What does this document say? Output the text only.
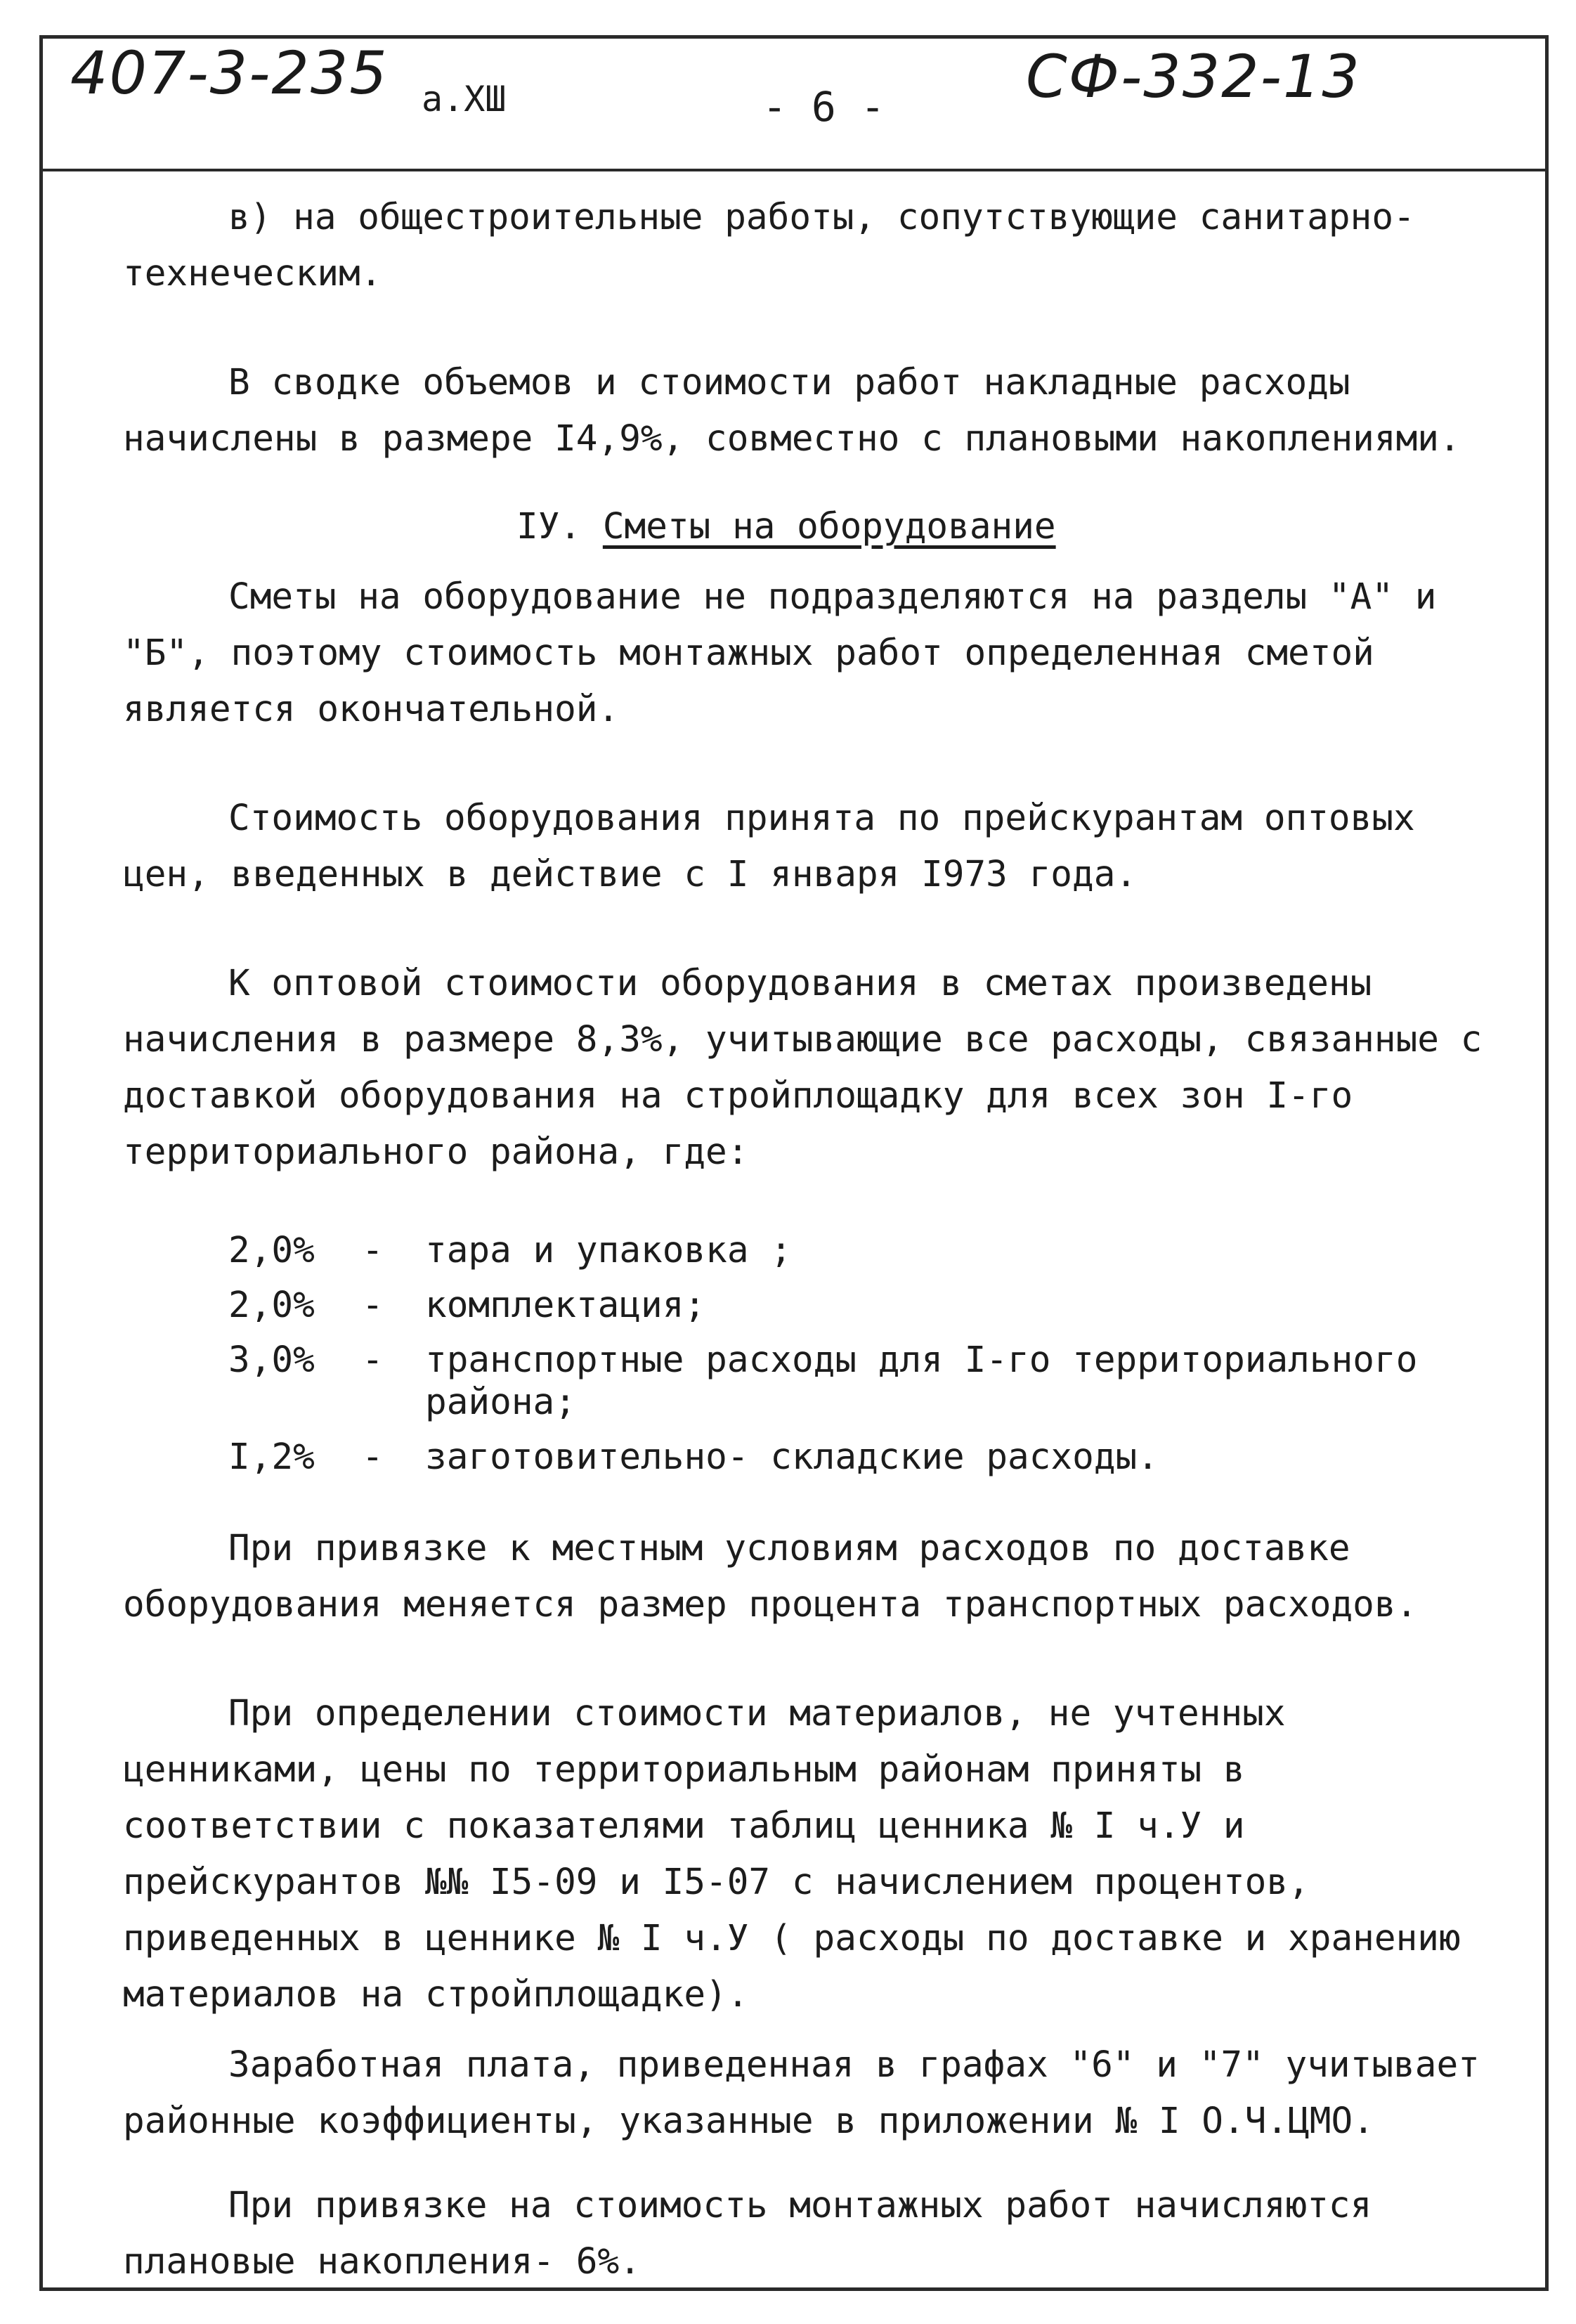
407-3-235 а.ХШ	- 6 - СФ-332-13

в) на общестроительные работы, сопутствующие санитарно-технеческим.

В сводке объемов и стоимости работ накладные расходы начислены в размере I4,9%, совместно с плановыми накоплениями.

IУ. Сметы на оборудование

Сметы на оборудование не подразделяются на разделы "А" и "Б", поэтому стоимость монтажных работ определенная сметой является окончательной.

Стоимость оборудования принята по прейскурантам оптовых цен, введенных в действие с I января I973 года.

К оптовой стоимости оборудования в сметах произведены начисления в размере 8,3%, учитывающие все расходы, связанные с доставкой оборудования на стройплощадку для всех зон I-го территориального района, где:

2,0%	-	тара и упаковка ;
2,0%	-	комплектация;
3,0%	-	транспортные расходы для I-го территориального района;
I,2%	-	заготовительно- складские расходы.

При привязке к местным условиям расходов по доставке оборудования меняется размер процента транспортных расходов.

При определении стоимости материалов, не учтенных ценниками, цены по территориальным районам приняты в соответствии с показателями таблиц ценника № I ч.У и прейскурантов №№ I5-09 и I5-07 с начислением процентов, приведенных в ценнике № I ч.У ( расходы по доставке и хранению материалов на стройплощадке).

Заработная плата, приведенная в графах "6" и "7" учитывает районные коэффициенты, указанные в приложении № I О.Ч.ЦМО.

При привязке на стоимость монтажных работ начисляются плановые накопления- 6%.
